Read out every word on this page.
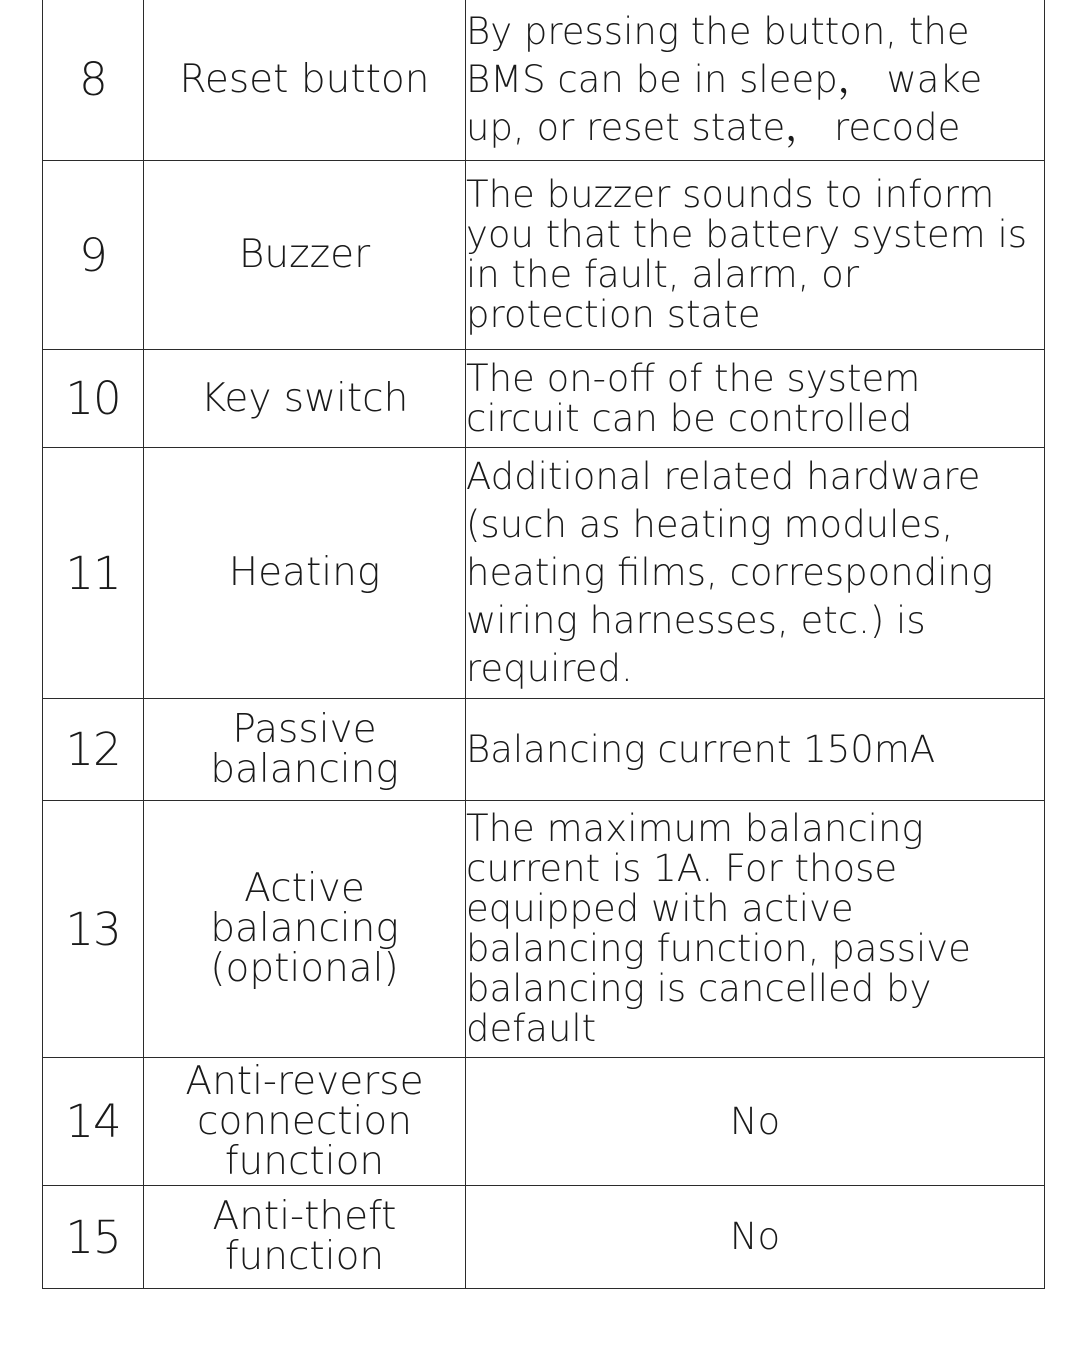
8	Reset button	By pressing the button, the BMS can be in sleep， wake up, or reset state， recode
9	Buzzer	The buzzer sounds to inform you that the battery system is in the fault, alarm, or protection state
10	Key switch	The on-off of the system circuit can be controlled
11	Heating	Additional related hardware (such as heating modules, heating films, corresponding wiring harnesses, etc.) is required.
12	Passive balancing	Balancing current 150mA
13	Active balancing (optional)	The maximum balancing current is 1A. For those equipped with active balancing function, passive balancing is cancelled by default
14	Anti-reverse connection function	No
15	Anti-theft function	No
